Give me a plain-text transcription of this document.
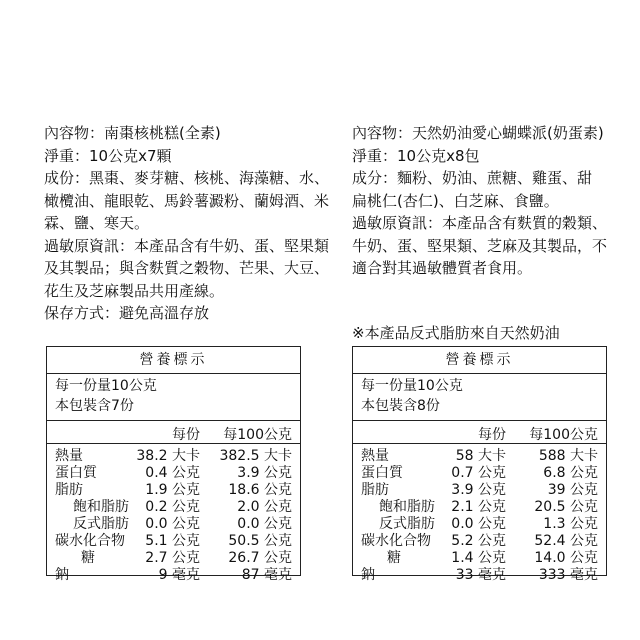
內容物：南棗核桃糕(全素)

淨重：10公克x7顆

成份：黑棗、麥芽糖、核桃、海藻糖、水、

橄欖油、龍眼乾、馬鈴薯澱粉、蘭姆酒、米

霖、鹽、寒天。

過敏原資訊：本產品含有牛奶、蛋、堅果類

及其製品；與含麩質之穀物、芒果、大豆、

花生及芝麻製品共用產線。

保存方式：避免高溫存放

內容物：天然奶油愛心蝴蝶派(奶蛋素)

淨重：10公克x8包

成分：麵粉、奶油、蔗糖、雞蛋、甜

扁桃仁(杏仁)、白芝麻、食鹽。

過敏原資訊：本產品含有麩質的穀類、

牛奶、蛋、堅果類、芝麻及其製品，不

適合對其過敏體質者食用。

※本產品反式脂肪來自天然奶油
營養標示
每一份量10公克
本包裝含7份
每份 每100公克
熱量	38.2 大卡 382.5 大卡
蛋白質	0.4 公克	3.9 公克
脂肪	1.9 公克 18.6 公克
飽和脂肪 0.2 公克	2.0 公克
反式脂肪 0.0 公克	0.0 公克
碳水化合物 5.1 公克 50.5 公克
糖	2.7 公克 26.7 公克
鈉	9 毫克	87 毫克
營養標示
每一份量10公克
本包裝含8份
每份 每100公克
熱量	58 大卡 588 大卡
蛋白質	0.7 公克	6.8 公克
脂肪	3.9 公克	39 公克
飽和脂肪 2.1 公克 20.5 公克
反式脂肪 0.0 公克	1.3 公克
碳水化合物 5.2 公克 52.4 公克
糖	1.4 公克 14.0 公克
鈉	33 毫克 333 毫克
